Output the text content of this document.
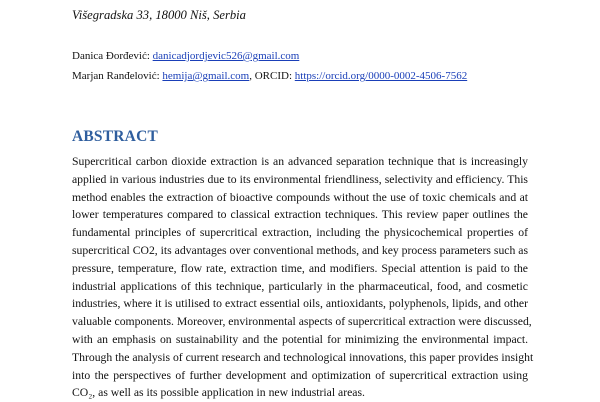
Višegradska 33, 18000 Niš, Serbia
Danica Đorđević: danicadjordjevic526@gmail.com
Marjan Ranđelović: hemija@gmail.com, ORCID: https://orcid.org/0000-0002-4506-7562
ABSTRACT
Supercritical carbon dioxide extraction is an advanced separation technique that is increasingly
applied in various industries due to its environmental friendliness, selectivity and efficiency. This
method enables the extraction of bioactive compounds without the use of toxic chemicals and at
lower temperatures compared to classical extraction techniques. This review paper outlines the
fundamental principles of supercritical extraction, including the physicochemical properties of
supercritical CO2, its advantages over conventional methods, and key process parameters such as
pressure, temperature, flow rate, extraction time, and modifiers. Special attention is paid to the
industrial applications of this technique, particularly in the pharmaceutical, food, and cosmetic
industries, where it is utilised to extract essential oils, antioxidants, polyphenols, lipids, and other
valuable components. Moreover, environmental aspects of supercritical extraction were discussed,
with an emphasis on sustainability and the potential for minimizing the environmental impact.
Through the analysis of current research and technological innovations, this paper provides insight
into the perspectives of further development and optimization of supercritical extraction using
CO₂, as well as its possible application in new industrial areas.
